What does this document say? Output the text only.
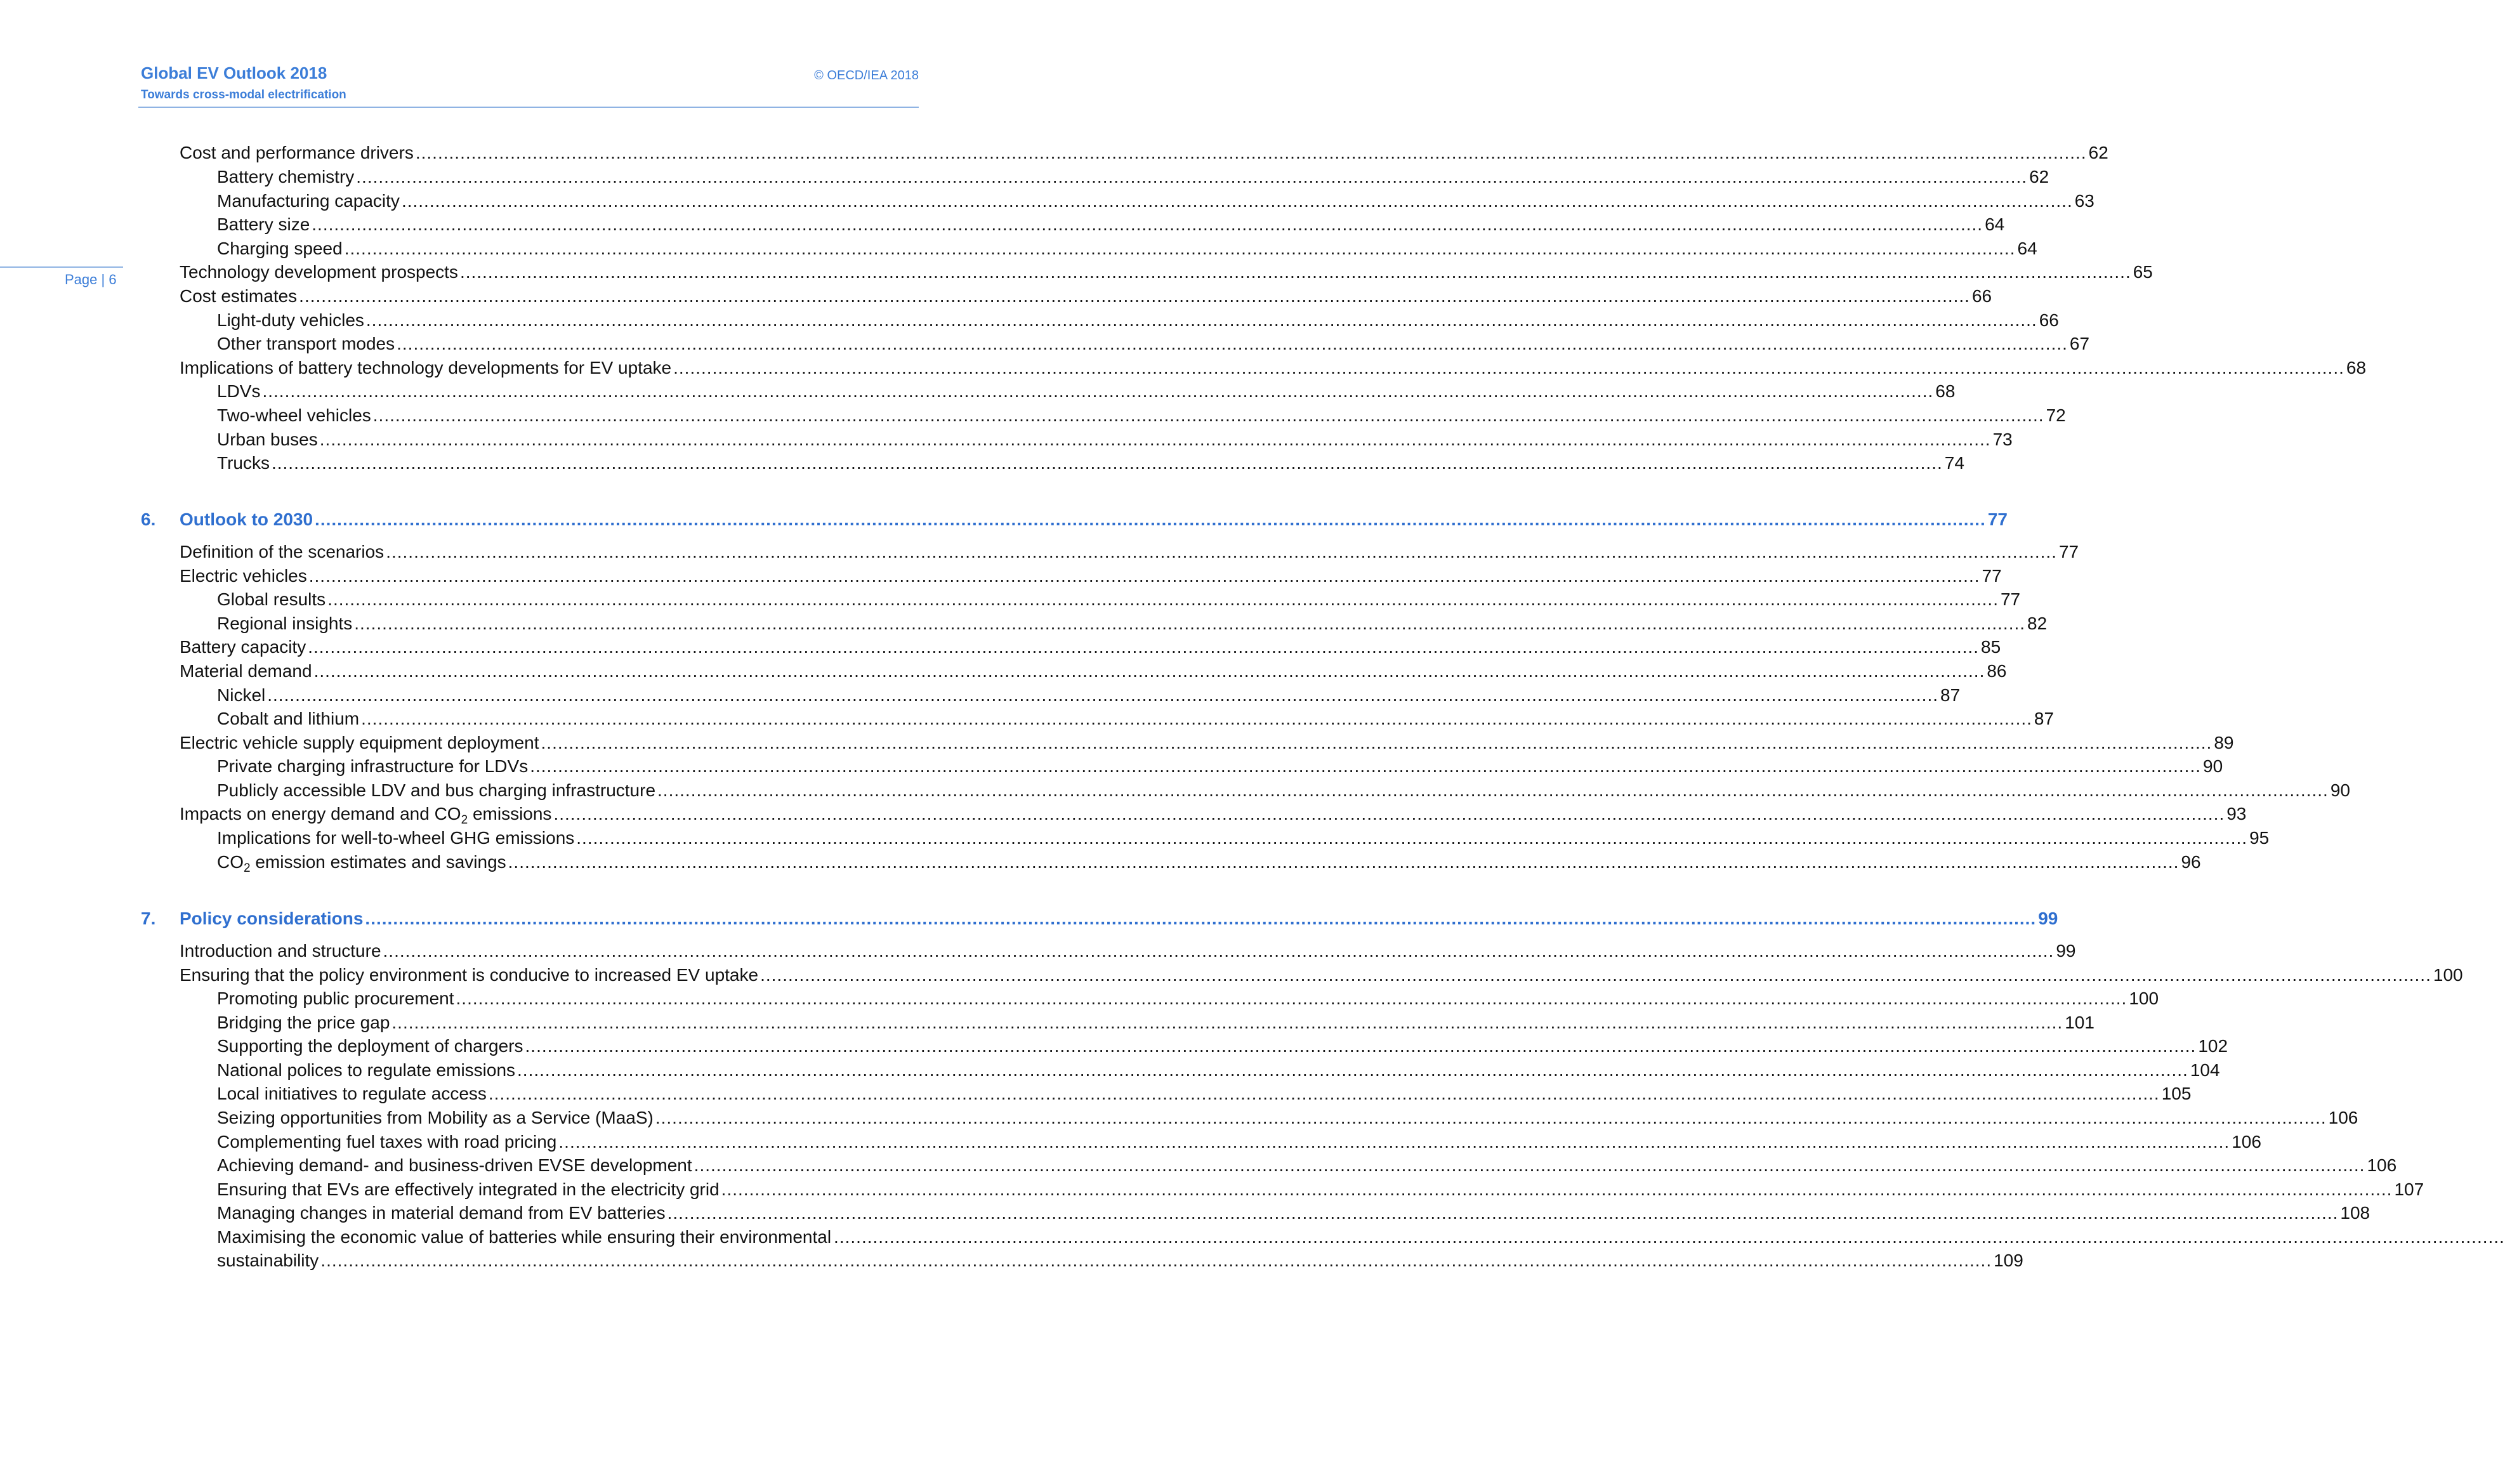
Global EV Outlook 2018
Towards cross-modal electrification
© OECD/IEA 2018
Page | 6
Cost and performance drivers ............................................................................................................................................................................................................................................................................................................ 62
Battery chemistry ............................................................................................................................................................................................................................................................................................................ 62
Manufacturing capacity ............................................................................................................................................................................................................................................................................................................ 63
Battery size ............................................................................................................................................................................................................................................................................................................ 64
Charging speed ............................................................................................................................................................................................................................................................................................................ 64
Technology development prospects ............................................................................................................................................................................................................................................................................................................ 65
Cost estimates ............................................................................................................................................................................................................................................................................................................ 66
Light-duty vehicles ............................................................................................................................................................................................................................................................................................................ 66
Other transport modes ............................................................................................................................................................................................................................................................................................................ 67
Implications of battery technology developments for EV uptake ............................................................................................................................................................................................................................................................................................................ 68
LDVs ............................................................................................................................................................................................................................................................................................................ 68
Two-wheel vehicles ............................................................................................................................................................................................................................................................................................................ 72
Urban buses ............................................................................................................................................................................................................................................................................................................ 73
Trucks ............................................................................................................................................................................................................................................................................................................ 74
6. Outlook to 2030 ............................................................................................................................................................................................................................................................................................................ 77
Definition of the scenarios ............................................................................................................................................................................................................................................................................................................ 77
Electric vehicles ............................................................................................................................................................................................................................................................................................................ 77
Global results ............................................................................................................................................................................................................................................................................................................ 77
Regional insights ............................................................................................................................................................................................................................................................................................................ 82
Battery capacity ............................................................................................................................................................................................................................................................................................................ 85
Material demand ............................................................................................................................................................................................................................................................................................................ 86
Nickel ............................................................................................................................................................................................................................................................................................................ 87
Cobalt and lithium ............................................................................................................................................................................................................................................................................................................ 87
Electric vehicle supply equipment deployment ............................................................................................................................................................................................................................................................................................................ 89
Private charging infrastructure for LDVs ............................................................................................................................................................................................................................................................................................................ 90
Publicly accessible LDV and bus charging infrastructure ............................................................................................................................................................................................................................................................................................................ 90
Impacts on energy demand and $CO_2$ emissions ............................................................................................................................................................................................................................................................................................................ 93
Implications for well-to-wheel GHG emissions ............................................................................................................................................................................................................................................................................................................ 95
$CO_2$ emission estimates and savings ............................................................................................................................................................................................................................................................................................................ 96
7. Policy considerations ............................................................................................................................................................................................................................................................................................................ 99
Introduction and structure ............................................................................................................................................................................................................................................................................................................ 99
Ensuring that the policy environment is conducive to increased EV uptake ............................................................................................................................................................................................................................................................................................................ 100
Promoting public procurement ............................................................................................................................................................................................................................................................................................................ 100
Bridging the price gap ............................................................................................................................................................................................................................................................................................................ 101
Supporting the deployment of chargers ............................................................................................................................................................................................................................................................................................................ 102
National polices to regulate emissions ............................................................................................................................................................................................................................................................................................................ 104
Local initiatives to regulate access ............................................................................................................................................................................................................................................................................................................ 105
Seizing opportunities from Mobility as a Service (MaaS) ............................................................................................................................................................................................................................................................................................................ 106
Complementing fuel taxes with road pricing ............................................................................................................................................................................................................................................................................................................ 106
Achieving demand- and business-driven EVSE development ............................................................................................................................................................................................................................................................................................................ 106
Ensuring that EVs are effectively integrated in the electricity grid ............................................................................................................................................................................................................................................................................................................ 107
Managing changes in material demand from EV batteries ............................................................................................................................................................................................................................................................................................................ 108
Maximising the economic value of batteries while ensuring their environmental ............................................................................................................................................................................................................................................................................................................
sustainability ............................................................................................................................................................................................................................................................................................................ 109
